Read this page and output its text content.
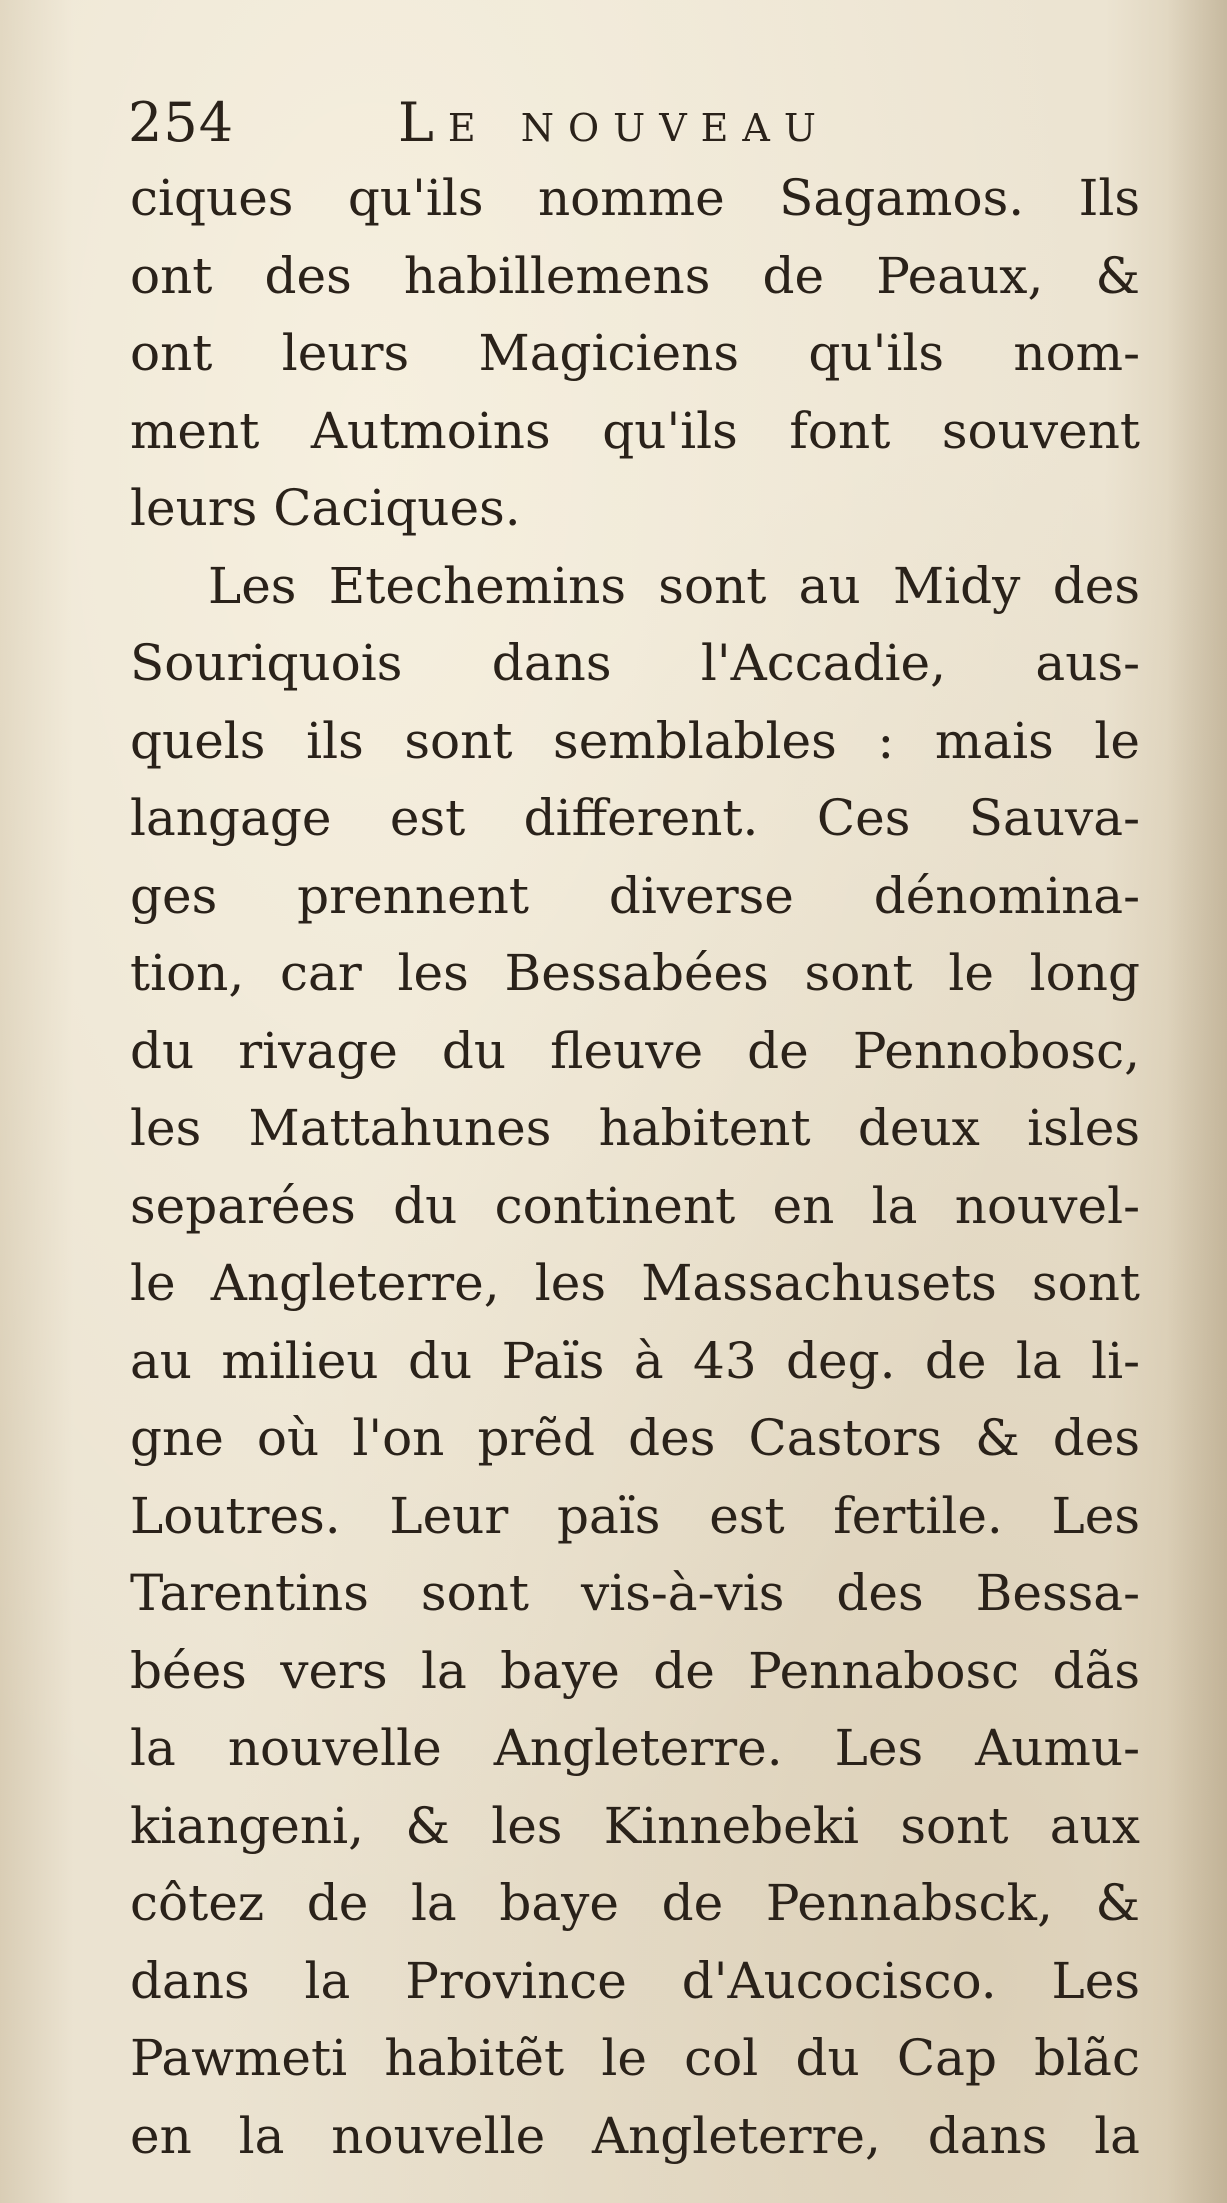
254	Le nouveau
ciques qu'ils nomme Sagamos. Ils
ont des habillemens de Peaux, &
ont leurs Magiciens qu'ils nom-
ment Autmoins qu'ils font souvent
leurs Caciques.
Les Etechemins sont au Midy des
Souriquois dans l'Accadie, aus-
quels ils sont semblables : mais le
langage est different. Ces Sauva-
ges prennent diverse dénomina-
tion, car les Bessabées sont le long
du rivage du fleuve de Pennobosc,
les Mattahunes habitent deux isles
separées du continent en la nouvel-
le Angleterre, les Massachusets sont
au milieu du Païs à 43 deg. de la li-
gne où l'on prẽd des Castors & des
Loutres. Leur païs est fertile. Les
Tarentins sont vis-à-vis des Bessa-
bées vers la baye de Pennabosc dãs
la nouvelle Angleterre. Les Aumu-
kiangeni, & les Kinnebeki sont aux
côtez de la baye de Pennabsck, &
dans la Province d'Aucocisco. Les
Pawmeti habitẽt le col du Cap blãc
en la nouvelle Angleterre, dans la
